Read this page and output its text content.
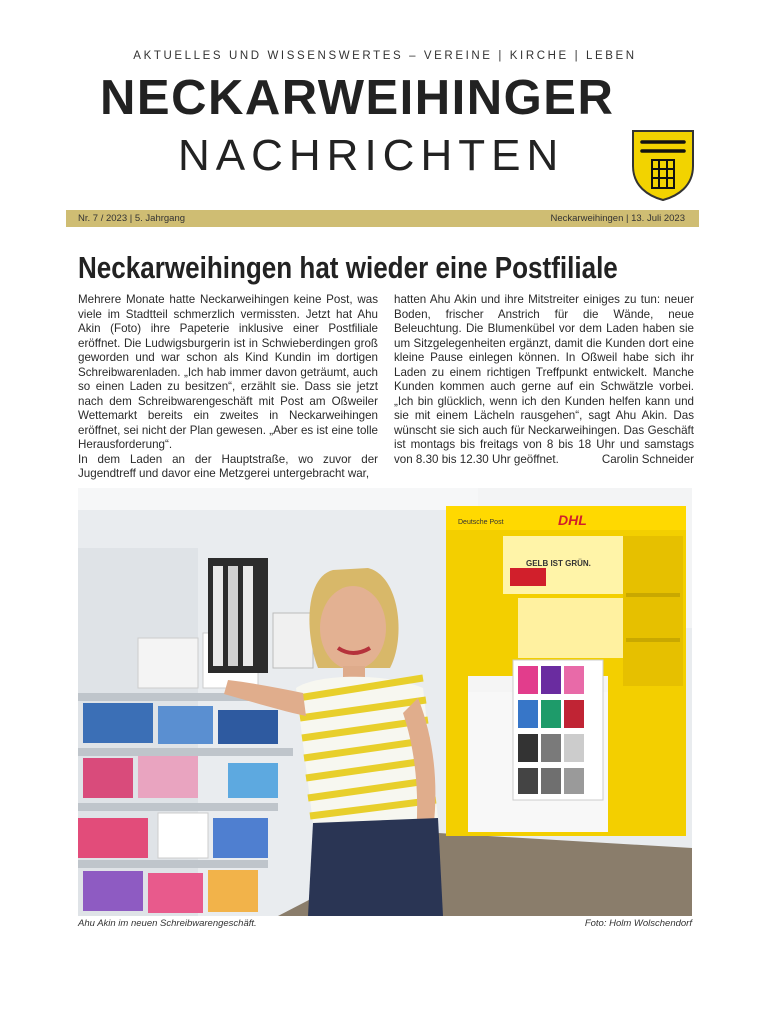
AKTUELLES UND WISSENSWERTES – VEREINE | KIRCHE | LEBEN
NECKARWEIHINGER
NACHRICHTEN
Nr. 7 / 2023 | 5. Jahrgang	Neckarweihingen | 13. Juli 2023
Neckarweihingen hat wieder eine Postfiliale

Mehrere Monate hatte Neckarweihingen keine Post, was viele im Stadtteil schmerzlich vermissten. Jetzt hat Ahu Akin (Foto) ihre Papeterie inklusive einer Postfiliale eröffnet. Die Ludwigsburgerin ist in Schwieberdingen groß geworden und war schon als Kind Kundin im dortigen Schreibwarenladen. „Ich hab immer davon geträumt, auch so einen Laden zu besitzen“, erzählt sie. Dass sie jetzt nach dem Schreibwarengeschäft mit Post am Oßweiler Wettemarkt bereits ein zweites in Neckarweihingen eröffnet, sei nicht der Plan gewesen. „Aber es ist eine tolle Herausforderung“.

In dem Laden an der Hauptstraße, wo zuvor der Jugendtreff und davor eine Metzgerei untergebracht war,

hatten Ahu Akin und ihre Mitstreiter einiges zu tun: neuer Boden, frischer Anstrich für die Wände, neue Beleuchtung. Die Blumenkübel vor dem Laden haben sie um Sitzgelegenheiten ergänzt, damit die Kunden dort eine kleine Pause einlegen können. In Oßweil habe sich ihr Laden zu einem richtigen Treffpunkt entwickelt. Manche Kunden kommen auch gerne auf ein Schwätzle vorbei. „Ich bin glücklich, wenn ich den Kunden helfen kann und sie mit einem Lächeln rausgehen“, sagt Ahu Akin. Das wünscht sie sich auch für Neckarweihingen. Das Geschäft ist montags bis freitags von 8 bis 18 Uhr und samstags von 8.30 bis 12.30 Uhr geöffnet.	Carolin Schneider
Deutsche Post	DHL
GELB IST GRÜN.
Ahu Akin im neuen Schreibwarengeschäft.	Foto: Holm Wolschendorf
